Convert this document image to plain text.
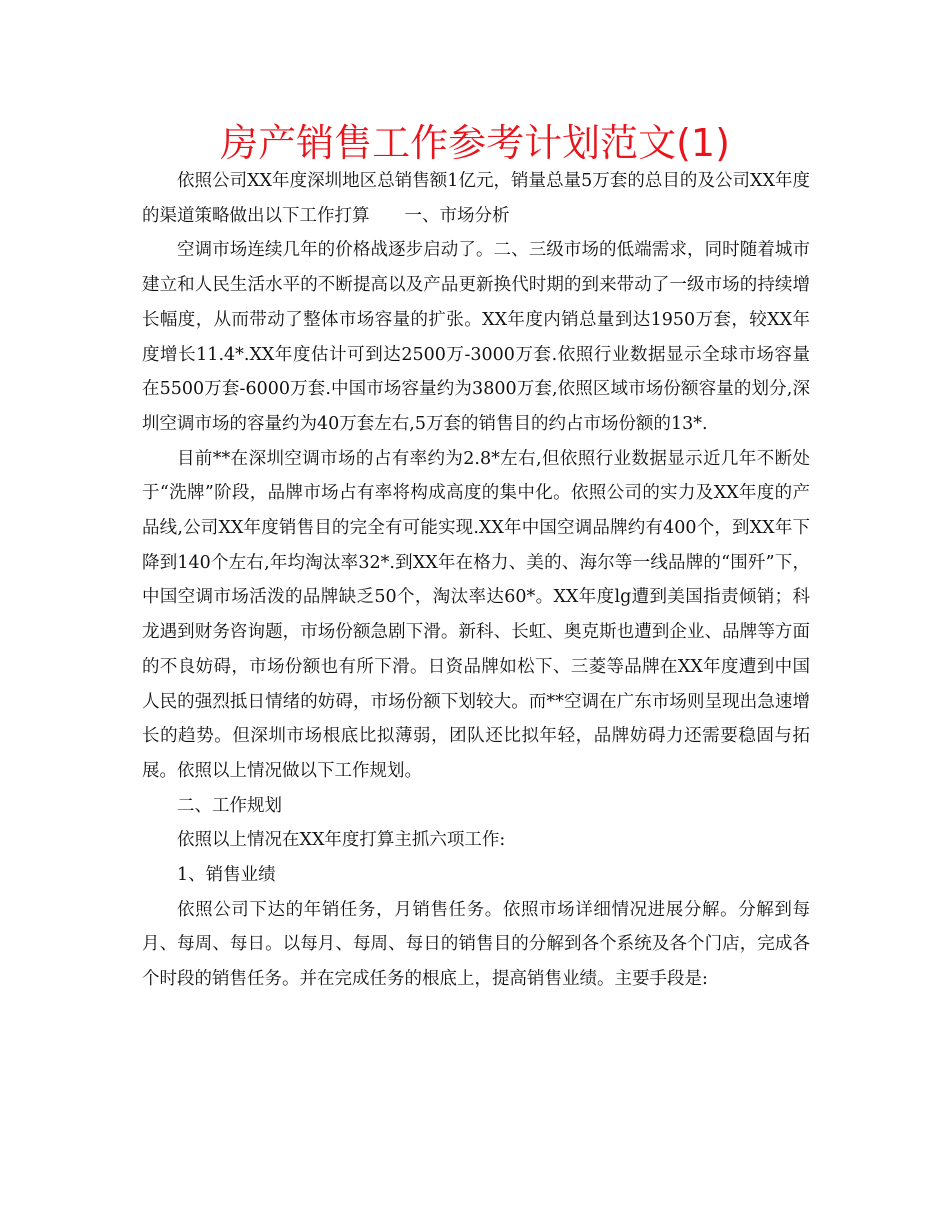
房产销售工作参考计划范文(1)

依照公司XX年度深圳地区总销售额1亿元，销量总量5万套的总目的及公司XX年度的渠道策略做出以下工作打算　　一、市场分析

空调市场连续几年的价格战逐步启动了。二、三级市场的低端需求，同时随着城市建立和人民生活水平的不断提高以及产品更新换代时期的到来带动了一级市场的持续增长幅度，从而带动了整体市场容量的扩张。XX年度内销总量到达1950万套，较XX年度增长11.4*.XX年度估计可到达2500万-3000万套.依照行业数据显示全球市场容量在5500万套-6000万套.中国市场容量约为3800万套,依照区域市场份额容量的划分,深圳空调市场的容量约为40万套左右,5万套的销售目的约占市场份额的13*.

目前**在深圳空调市场的占有率约为2.8*左右,但依照行业数据显示近几年不断处于“洗牌”阶段，品牌市场占有率将构成高度的集中化。依照公司的实力及XX年度的产品线,公司XX年度销售目的完全有可能实现.XX年中国空调品牌约有400个，到XX年下降到140个左右,年均淘汰率32*.到XX年在格力、美的、海尔等一线品牌的“围歼”下，中国空调市场活泼的品牌缺乏50个，淘汰率达60*。XX年度lg遭到美国指责倾销；科龙遇到财务咨询题，市场份额急剧下滑。新科、长虹、奥克斯也遭到企业、品牌等方面的不良妨碍，市场份额也有所下滑。日资品牌如松下、三菱等品牌在XX年度遭到中国人民的强烈抵日情绪的妨碍，市场份额下划较大。而**空调在广东市场则呈现出急速增长的趋势。但深圳市场根底比拟薄弱，团队还比拟年轻，品牌妨碍力还需要稳固与拓展。依照以上情况做以下工作规划。

二、工作规划

依照以上情况在XX年度打算主抓六项工作:

1、销售业绩

依照公司下达的年销任务，月销售任务。依照市场详细情况进展分解。分解到每月、每周、每日。以每月、每周、每日的销售目的分解到各个系统及各个门店，完成各个时段的销售任务。并在完成任务的根底上，提高销售业绩。主要手段是:
